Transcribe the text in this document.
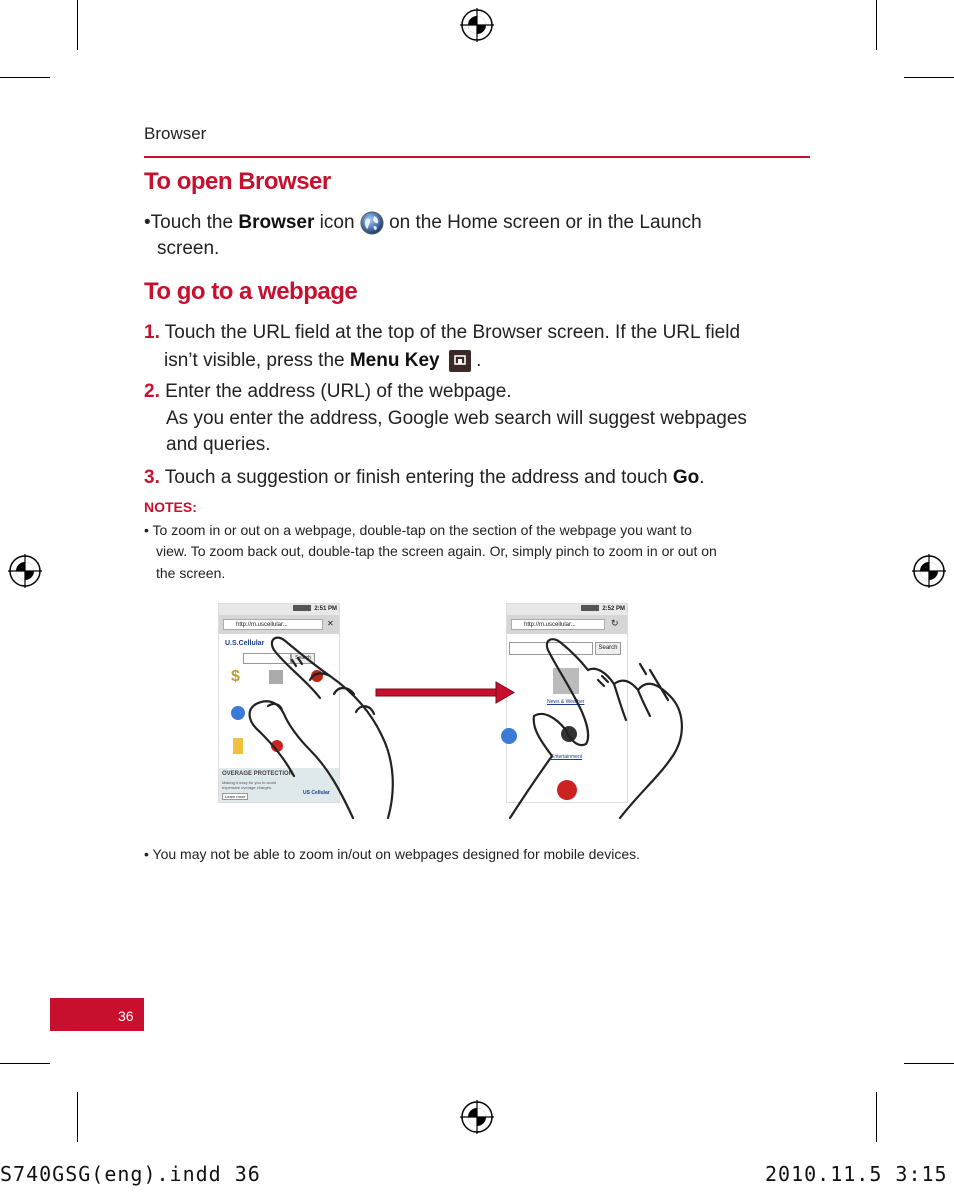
Browser
To open Browser
•Touch the Browser icon on the Home screen or in the Launch
screen.
To go to a webpage
1. Touch the URL field at the top of the Browser screen. If the URL field
isn’t visible, press the Menu Key .
2. Enter the address (URL) of the webpage.
As you enter the address, Google web search will suggest webpages
and queries.
3. Touch a suggestion or finish entering the address and touch Go.
NOTES:
• To zoom in or out on a webpage, double-tap on the section of the webpage you want to
view. To zoom back out, double-tap the screen again. Or, simply pinch to zoom in or out on
the screen.
2:51 PM
http://m.uscellular...	✕
U.S.Cellular
Search
$
OVERAGE PROTECTION
Making it easy for you to avoid expensive overage charges.
Learn more
US Cellular
2:52 PM
http://m.uscellular...	↻
Search
News & Weather
Entertainment
• You may not be able to zoom in/out on webpages designed for mobile devices.
36
S740GSG(eng).indd 36	2010.11.5 3:15
